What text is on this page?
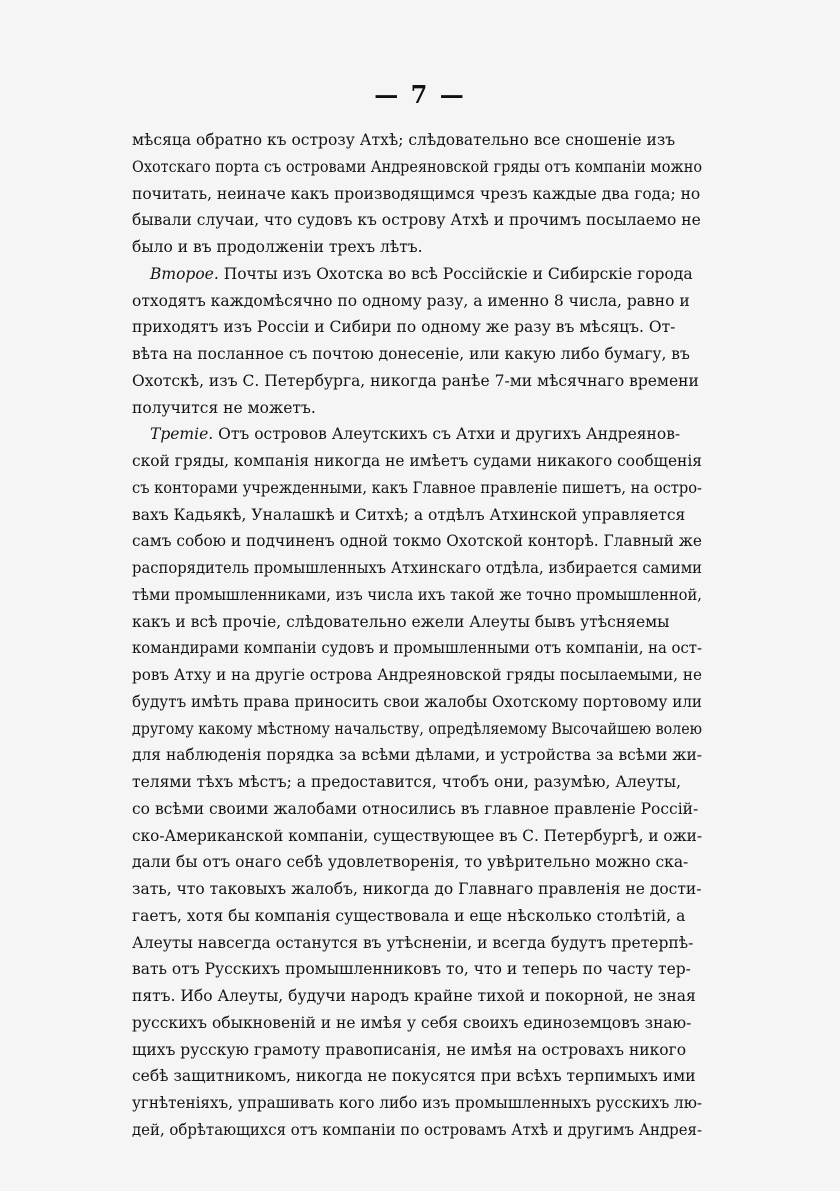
— 7 —
мѣсяца обратно къ острозу Атхѣ; слѣдовательно все сношеніе изъ
Охотскаго порта съ островами Андреяновской гряды отъ компаніи можно
почитать, неиначе какъ производящимся чрезъ каждые два года; но
бывали случаи, что судовъ къ острову Атхѣ и прочимъ посылаемо не
было и въ продолженіи трехъ лѣтъ.
Второе. Почты изъ Охотска во всѣ Россійскіе и Сибирскіе города
отходятъ каждомѣсячно по одному разу, а именно 8 числа, равно и
приходятъ изъ Россіи и Сибири по одному же разу въ мѣсяцъ. От-
вѣта на посланное съ почтою донесеніе, или какую либо бумагу, въ
Охотскѣ, изъ С. Петербурга, никогда ранѣе 7-ми мѣсячнаго времени
получится не можетъ.
Третіе. Отъ островов Алеутскихъ съ Атхи и другихъ Андреянов-
ской гряды, компанія никогда не имѣетъ судами никакого сообщенія
съ конторами учрежденными, какъ Главное правленіе пишетъ, на остро-
вахъ Кадьякѣ, Уналашкѣ и Ситхѣ; а отдѣлъ Атхинской управляется
самъ собою и подчиненъ одной токмо Охотской конторѣ. Главный же
распорядитель промышленныхъ Атхинскаго отдѣла, избирается самими
тѣми промышленниками, изъ числа ихъ такой же точно промышленной,
какъ и всѣ прочіе, слѣдовательно ежели Алеуты бывъ утѣсняемы
командирами компаніи судовъ и промышленными отъ компаніи, на ост-
ровъ Атху и на другіе острова Андреяновской гряды посылаемыми, не
будутъ имѣть права приносить свои жалобы Охотскому портовому или
другому какому мѣстному начальству, опредѣляемому Высочайшею волею
для наблюденія порядка за всѣми дѣлами, и устройства за всѣми жи-
телями тѣхъ мѣстъ; а предоставится, чтобъ они, разумѣю, Алеуты,
со всѣми своими жалобами относились въ главное правленіе Россій-
ско-Американской компаніи, существующее въ С. Петербургѣ, и ожи-
дали бы отъ онаго себѣ удовлетворенія, то увѣрительно можно ска-
зать, что таковыхъ жалобъ, никогда до Главнаго правленія не дости-
гаетъ, хотя бы компанія существовала и еще нѣсколько столѣтій, а
Алеуты навсегда останутся въ утѣсненіи, и всегда будутъ претерпѣ-
вать отъ Русскихъ промышленниковъ то, что и теперь по часту тер-
пятъ. Ибо Алеуты, будучи народъ крайне тихой и покорной, не зная
русскихъ обыкновеній и не имѣя у себя своихъ единоземцовъ знаю-
щихъ русскую грамоту правописанія, не имѣя на островахъ никого
себѣ защитникомъ, никогда не покусятся при всѣхъ терпимыхъ ими
угнѣтеніяхъ, упрашивать кого либо изъ промышленныхъ русскихъ лю-
дей, обрѣтающихся отъ компаніи по островамъ Атхѣ и другимъ Андрея-
